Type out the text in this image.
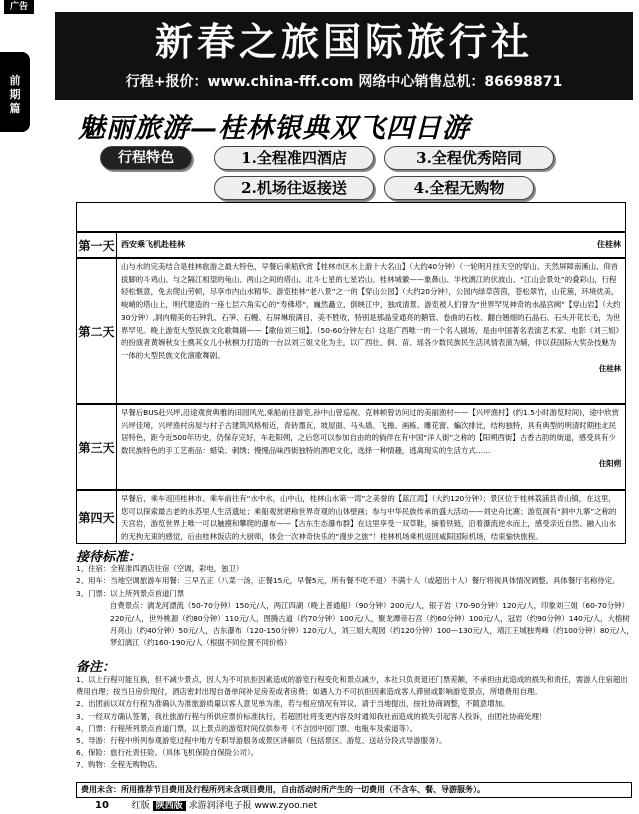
广告
前
期
篇
新春之旅国际旅行社
行程+报价：www.china-fff.com 网络中心销售总机：86698871
魅丽旅游—桂林银典双飞四日游
行程特色	1.全程准四酒店	3.全程优秀陪同
2.机场往返接送	4.全程无购物
第一天 西安乘飞机赴桂林	住桂林
第二天
山与水的完美结合是桂林旅游之最大特色，早餐后乘船欣赏【桂林市区水上游十大名山】（大约40分钟）（一轮明月挂天空的穿山、天然屏障南溪山、仰首拔脚的斗鸡山、与之隔江相望的龟山、两山之间的塔山、北斗七星的七星岩山、桂林城徽——象鼻山、半枕漓江的伏波山、“江山会景处”的叠彩山，行程轻松惬意，免去爬山劳顿，尽享市内山水精华。游览桂林“老八景”之一的【穿山公园】（大约20分钟），公园内绿草茵茵，苍松翠竹，山花簇，环境优美，峻峭的塔山上，明代建造的一座七层六角实心的“寿佛塔”，巍然矗立，倒映江中，独成清景。游览被人们誉为“世界罕见神奇的水晶宫阙”【穿山岩】（大约30分钟）,洞内精美的石钟乳、石笋、石幔、石屏琳琅满目，美不胜收，特别是那晶莹通亮的鹅管、卷曲的石枝、翻白翘细的石晶石、石头开花长毛，为世界罕见。晚上游览大型民族文化歌舞剧——【歌仙刘三姐】。（50-60分钟左右）这是广西唯一的一个名人剧场，是由中国著名表演艺术家、电影《刘三姐》的扮演者黄婉秋女士携其女儿小秋桐力打造的一台以刘三姐文化为主，以广西壮、侗、苗、瑶各少数民族民生活风情表演为辅，伴以获国际大奖杂技魅为一体的大型民族文化演歌舞剧。
住桂林
第三天
早餐后BUS赴兴坪,沿途观赏典雅的田园风光,乘船前往游览,孙中山曾巡视、克林顿曾访问过的美丽渔村——【兴坪渔村】(约1.5小时游览时间)，途中欣赏兴坪佳境，兴坪渔村房屋与村子古建筑风格相近，青砖墨瓦，坡屋面、马头墙、飞檐、画栋、雕花窗、蝙次排比，结构独特，具有典型的明清时期桂北民居特色，距今近500年历史，仍保存完好，车赴阳朔，之后您可以参加自由的的倘佯在有中国“洋人街”之称的【阳朔西街】古香古韵的街道，感受具有少数民族特色的手工艺術品：蜡染、刺绣；慢慢品味西街独特的酒吧文化，选择一种情趣，逃离现实的生活方式……
住阳朔
第四天
早餐后，乘车返回桂林市。乘车前往有“水中水，山中山，桂林山水第一湾”之美誉的【蓝江湾】（大约120分钟）；景区位于桂林荔浦县青山镇，在这里，您可以探索最古老的永苏里人生活遗址；乘船观赏堪称世界奇观的山体壁画；参与中华民族传承的盛大活动——刘史舟比赛；游览洞有“洞中九寨”之称的天宫岩，游览世界上唯一可以触摸和攀爬的瀑布——【古东生态瀑布群】在这里享受一双草鞋，摘着铁链，沿着瀑流逆水而上，感受亲近自然、融入山水的无拘无束的感觉，后由桂林饭店的大厨师，体会一次神奇快乐的“漫步之旅”！桂林机场乘机返回咸阳国际机场，结束愉快旅程。
接待标准：
1、住宿：全程准四酒店住宿（空调，彩电，独卫）
2、用车：当地空调旅游车用餐：三早五正（八菜一汤，正餐15元，早餐5元，所有餐不吃不退）不满十人（或超出十人）餐厅将视具体情况调整。具体餐厅名称待定。
3、门票：以上所列景点首道门票
自费景点：漓龙河漂流（50-70分钟）150元/人，两江四湖（晚上普通船）（90分钟）200元/人，银子岩（70-90分钟）120元/人，印象刘三姐（60-70分钟）220元/人，世外桃源（约80分钟）110元/人，图腾古道（约70分钟）100元/人，聚龙潭帝石宫（约60分钟）100元/人，冠岩（约90分钟）140元/人，大榕树月亮山（约40分钟）50元/人，古东瀑布（120-150分钟）120元/人，刘三姐大观园（约120分钟）100—130元/人，靖江王城独秀峰（约100分钟）80元/人，梦幻漓江（约160-190元/人（根据不同位置不同价格）
备注：
1、以上行程可能互换，但不减少景点，因人为不可抗拒因素造成的游览行程变化和景点减少，本社只负责退还门票差额，不承担由此造成的损失和责任，需游人住宿超出费用自理；按当日房价现付，酒店密封出现自备单间补足房差或者房费；如遇人力不可抗拒因素造成客人滞留或影响游览景点，所增费用自理。
2、出团前以双方行程为准确认为准旅游质量以客人意见单为准，若与相应情况有异议，请于当地提出，按社协商调整，不随意增加。
3、一经双方确认签署，我社旅游行程与所供应票价标准执行，若超团社将变更内容及时通知我社而造成的损失引起客人投诉，由团社协商处理！
4、门票：行程所列景点首道门票，以上景点的游览时间仅供参考（不含园中园门票、电瓶车及索道等）。
5、导游：行程中所列参观游览过程中地方专职导游服务或景区讲解员（包括景区、游览、送站分段式导游服务）。
6、保险：旅行社责任险。（具体飞机保险自保险公司）。
7、购物：全程无购物店。
费用未含：所用推荐节目费用及行程所列未含项目费用，自由活动时所产生的一切费用（不含车、餐、导游服务）。
10	红版 陕西版 求游润泽电子报 www.zyoo.net
